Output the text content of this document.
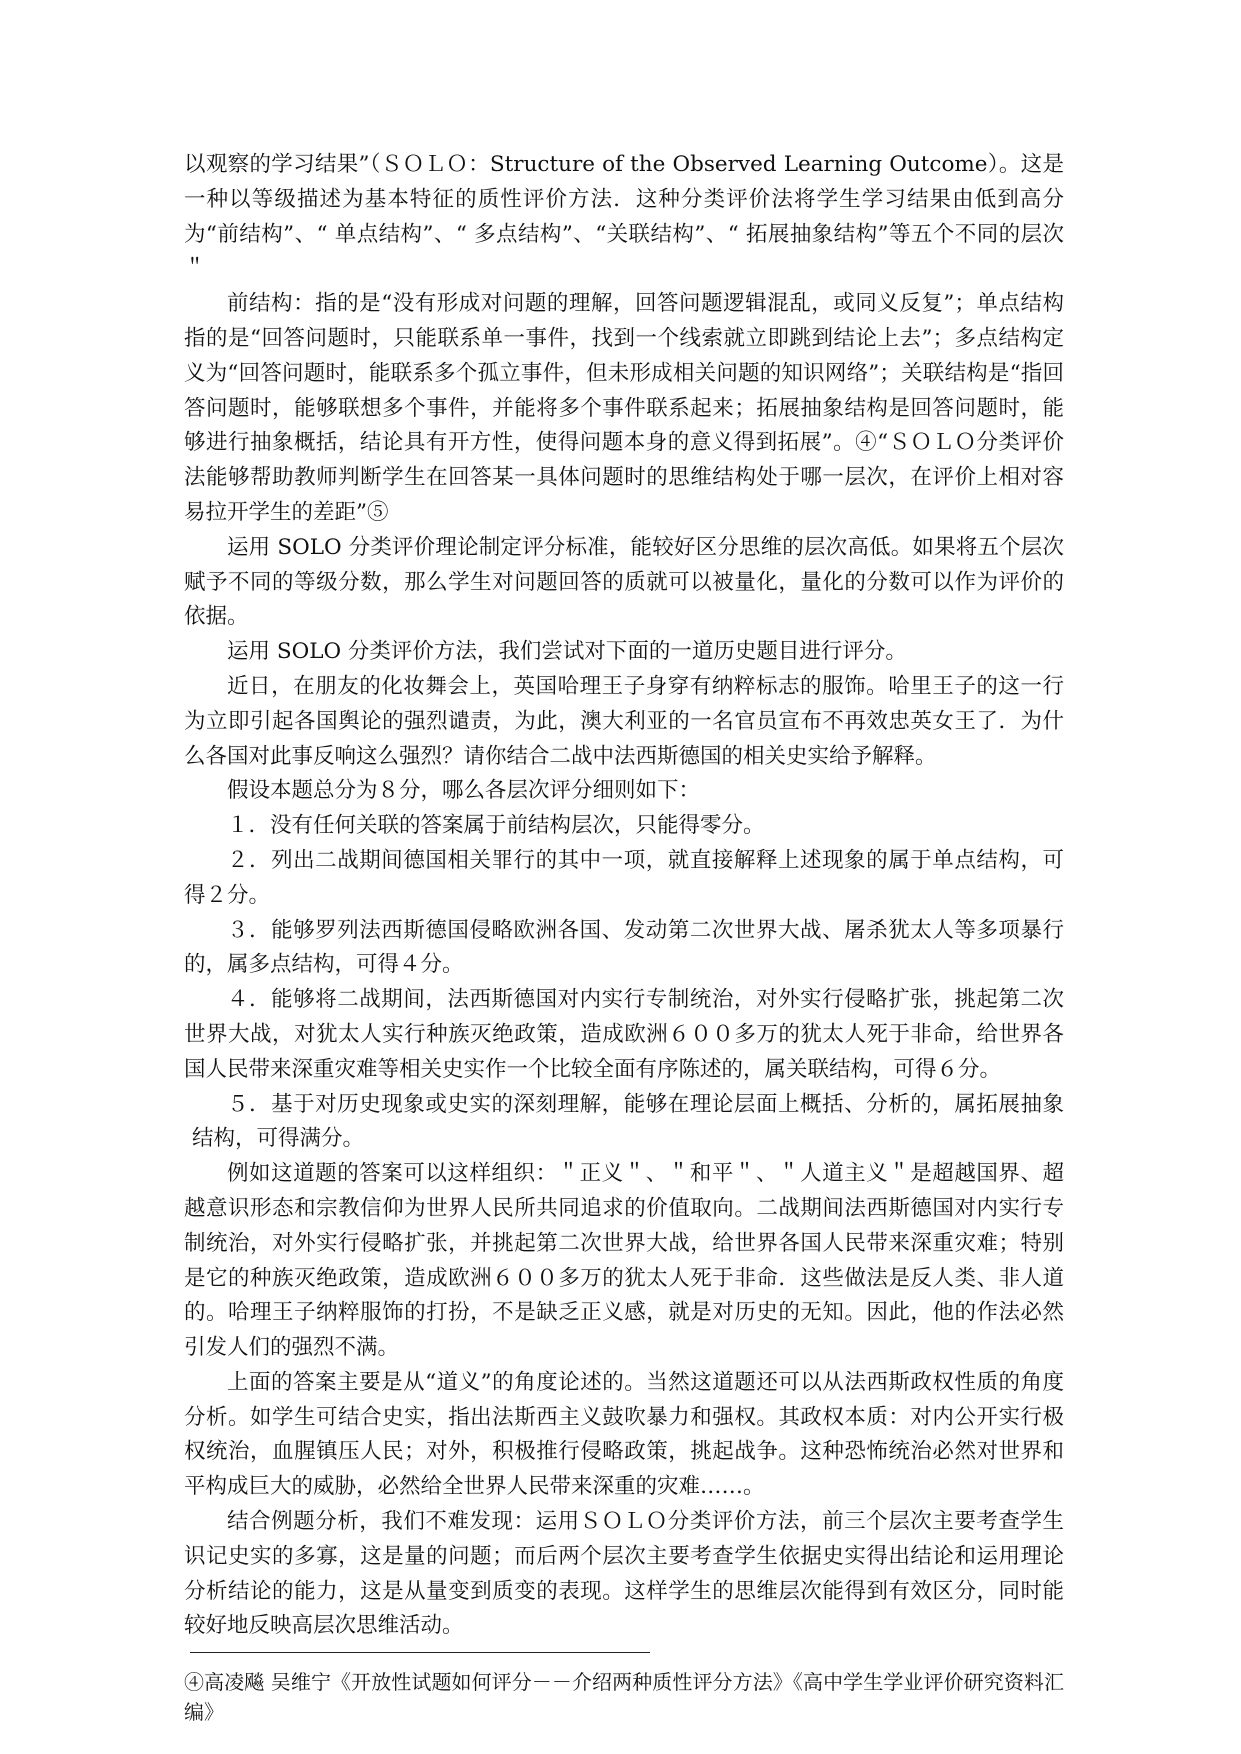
以观察的学习结果”（ＳＯＬＯ：Structure of the Observed Learning Outcome）。这是一种以等级描述为基本特征的质性评价方法．这种分类评价法将学生学习结果由低到高分为“前结构”、“ 单点结构”、“ 多点结构”、“关联结构”、“ 拓展抽象结构”等五个不同的层次＂

前结构：指的是“没有形成对问题的理解，回答问题逻辑混乱，或同义反复”；单点结构指的是“回答问题时，只能联系单一事件，找到一个线索就立即跳到结论上去”；多点结构定义为“回答问题时，能联系多个孤立事件，但未形成相关问题的知识网络”；关联结构是“指回答问题时，能够联想多个事件，并能将多个事件联系起来；拓展抽象结构是回答问题时，能够进行抽象概括，结论具有开方性，使得问题本身的意义得到拓展”。④“ＳＯＬＯ分类评价法能够帮助教师判断学生在回答某一具体问题时的思维结构处于哪一层次，在评价上相对容易拉开学生的差距”⑤

运用 SOLO 分类评价理论制定评分标准，能较好区分思维的层次高低。如果将五个层次赋予不同的等级分数，那么学生对问题回答的质就可以被量化，量化的分数可以作为评价的依据。

运用 SOLO 分类评价方法，我们尝试对下面的一道历史题目进行评分。

近日，在朋友的化妆舞会上，英国哈理王子身穿有纳粹标志的服饰。哈里王子的这一行为立即引起各国舆论的强烈谴责，为此，澳大利亚的一名官员宣布不再效忠英女王了．为什么各国对此事反响这么强烈？请你结合二战中法西斯德国的相关史实给予解释。

假设本题总分为８分，哪么各层次评分细则如下：

１．没有任何关联的答案属于前结构层次，只能得零分。

２．列出二战期间德国相关罪行的其中一项，就直接解释上述现象的属于单点结构，可得２分。

３．能够罗列法西斯德国侵略欧洲各国、发动第二次世界大战、屠杀犹太人等多项暴行的，属多点结构，可得４分。

４．能够将二战期间，法西斯德国对内实行专制统治，对外实行侵略扩张，挑起第二次世界大战，对犹太人实行种族灭绝政策，造成欧洲６００多万的犹太人死于非命，给世界各国人民带来深重灾难等相关史实作一个比较全面有序陈述的，属关联结构，可得６分。

５．基于对历史现象或史实的深刻理解，能够在理论层面上概括、分析的，属拓展抽象结构，可得满分。

例如这道题的答案可以这样组织：＂正义＂、＂和平＂、＂人道主义＂是超越国界、超越意识形态和宗教信仰为世界人民所共同追求的价值取向。二战期间法西斯德国对内实行专制统治，对外实行侵略扩张，并挑起第二次世界大战，给世界各国人民带来深重灾难；特别是它的种族灭绝政策，造成欧洲６００多万的犹太人死于非命．这些做法是反人类、非人道的。哈理王子纳粹服饰的打扮，不是缺乏正义感，就是对历史的无知。因此，他的作法必然引发人们的强烈不满。

上面的答案主要是从“道义”的角度论述的。当然这道题还可以从法西斯政权性质的角度分析。如学生可结合史实，指出法斯西主义鼓吹暴力和强权。其政权本质：对内公开实行极权统治，血腥镇压人民；对外，积极推行侵略政策，挑起战争。这种恐怖统治必然对世界和平构成巨大的威胁，必然给全世界人民带来深重的灾难……。

结合例题分析，我们不难发现：运用ＳＯＬＯ分类评价方法，前三个层次主要考查学生识记史实的多寡，这是量的问题；而后两个层次主要考查学生依据史实得出结论和运用理论分析结论的能力，这是从量变到质变的表现。这样学生的思维层次能得到有效区分，同时能较好地反映高层次思维活动。

④高凌飚 吴维宁《开放性试题如何评分－－介绍两种质性评分方法》《高中学生学业评价研究资料汇编》
